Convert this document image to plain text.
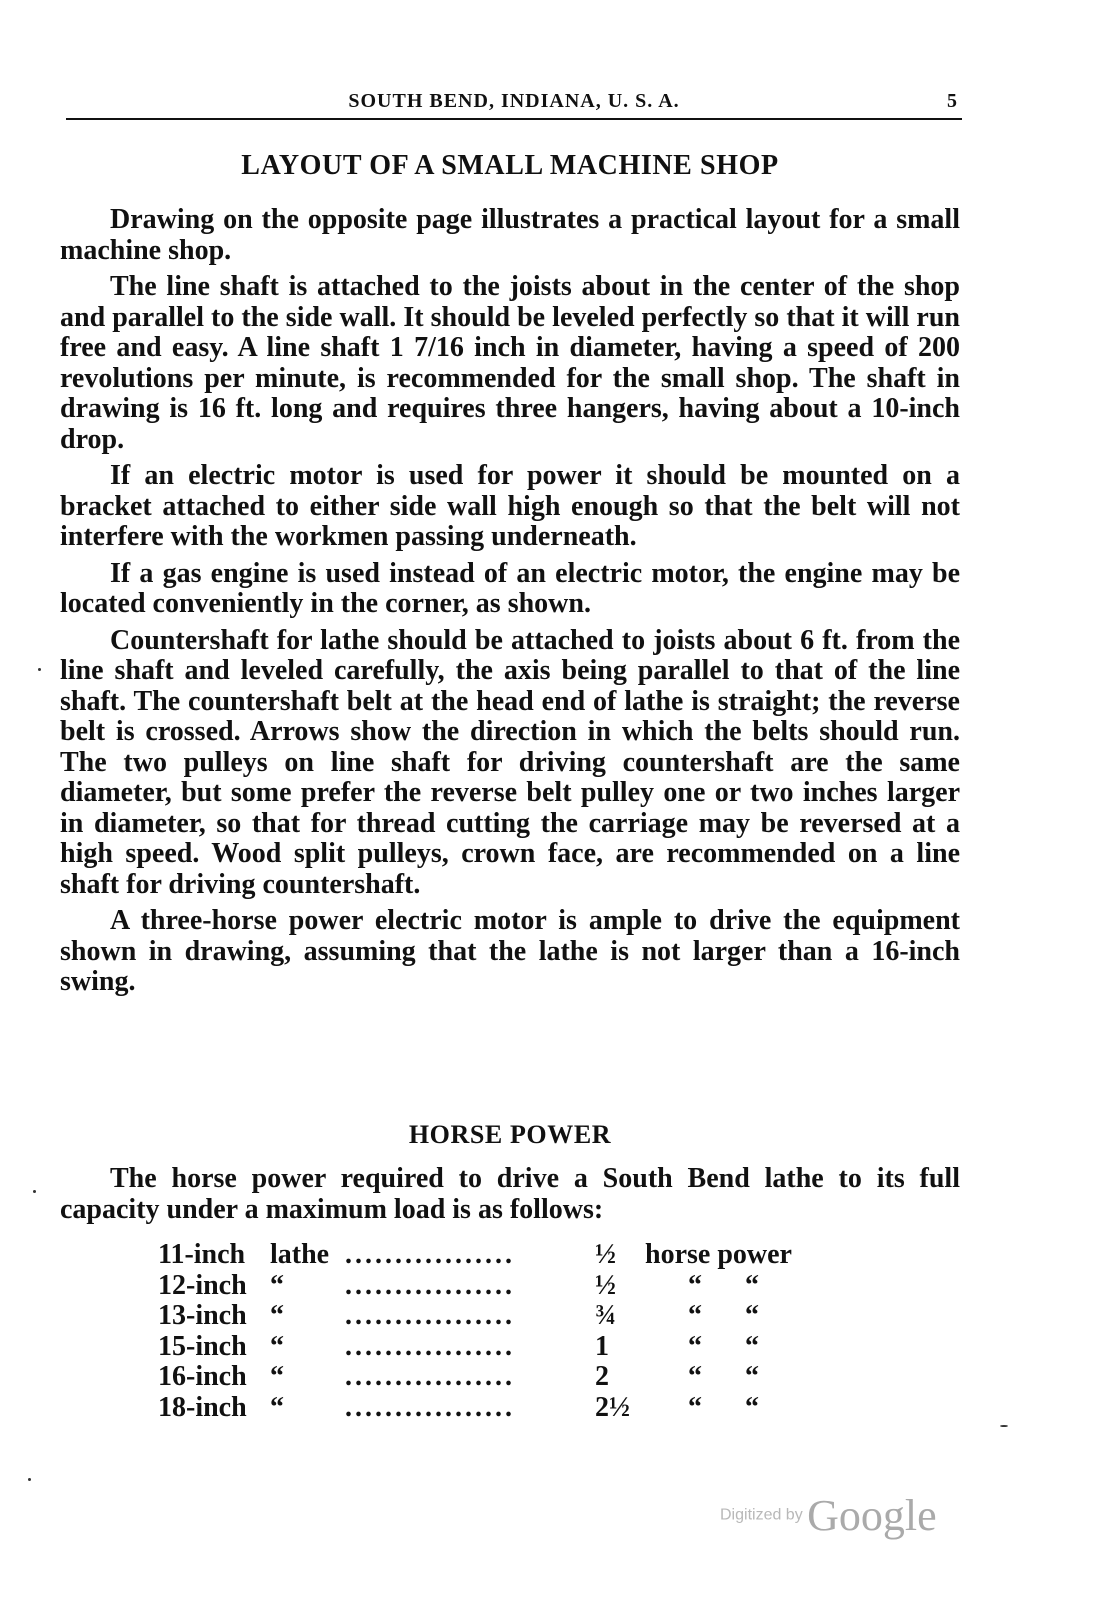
SOUTH BEND, INDIANA, U. S. A.	5
LAYOUT OF A SMALL MACHINE SHOP

Drawing on the opposite page illustrates a practical layout for a small machine shop.

The line shaft is attached to the joists about in the center of the shop and parallel to the side wall. It should be leveled perfectly so that it will run free and easy. A line shaft 1 7/16 inch in diameter, having a speed of 200 revolutions per minute, is recommended for the small shop. The shaft in drawing is 16 ft. long and requires three hangers, having about a 10-inch drop.

If an electric motor is used for power it should be mounted on a bracket attached to either side wall high enough so that the belt will not interfere with the workmen passing underneath.

If a gas engine is used instead of an electric motor, the engine may be located conveniently in the corner, as shown.

Countershaft for lathe should be attached to joists about 6 ft. from the line shaft and leveled carefully, the axis being parallel to that of the line shaft. The countershaft belt at the head end of lathe is straight; the reverse belt is crossed. Arrows show the direction in which the belts should run. The two pulleys on line shaft for driving countershaft are the same diameter, but some prefer the reverse belt pulley one or two inches larger in diameter, so that for thread cutting the carriage may be reversed at a high speed. Wood split pulleys, crown face, are recommended on a line shaft for driving countershaft.

A three-horse power electric motor is ample to drive the equipment shown in drawing, assuming that the lathe is not larger than a 16-inch swing.

HORSE POWER

The horse power required to drive a South Bend lathe to its full capacity under a maximum load is as follows:

11-inch	lathe	.................	½	horse power	
12-inch	“	.................	½	“	“
13-inch	“	.................	¾	“	“
15-inch	“	.................	1	“	“
16-inch	“	.................	2	“	“
18-inch	“	.................	2½	“	“
Digitized by Google
